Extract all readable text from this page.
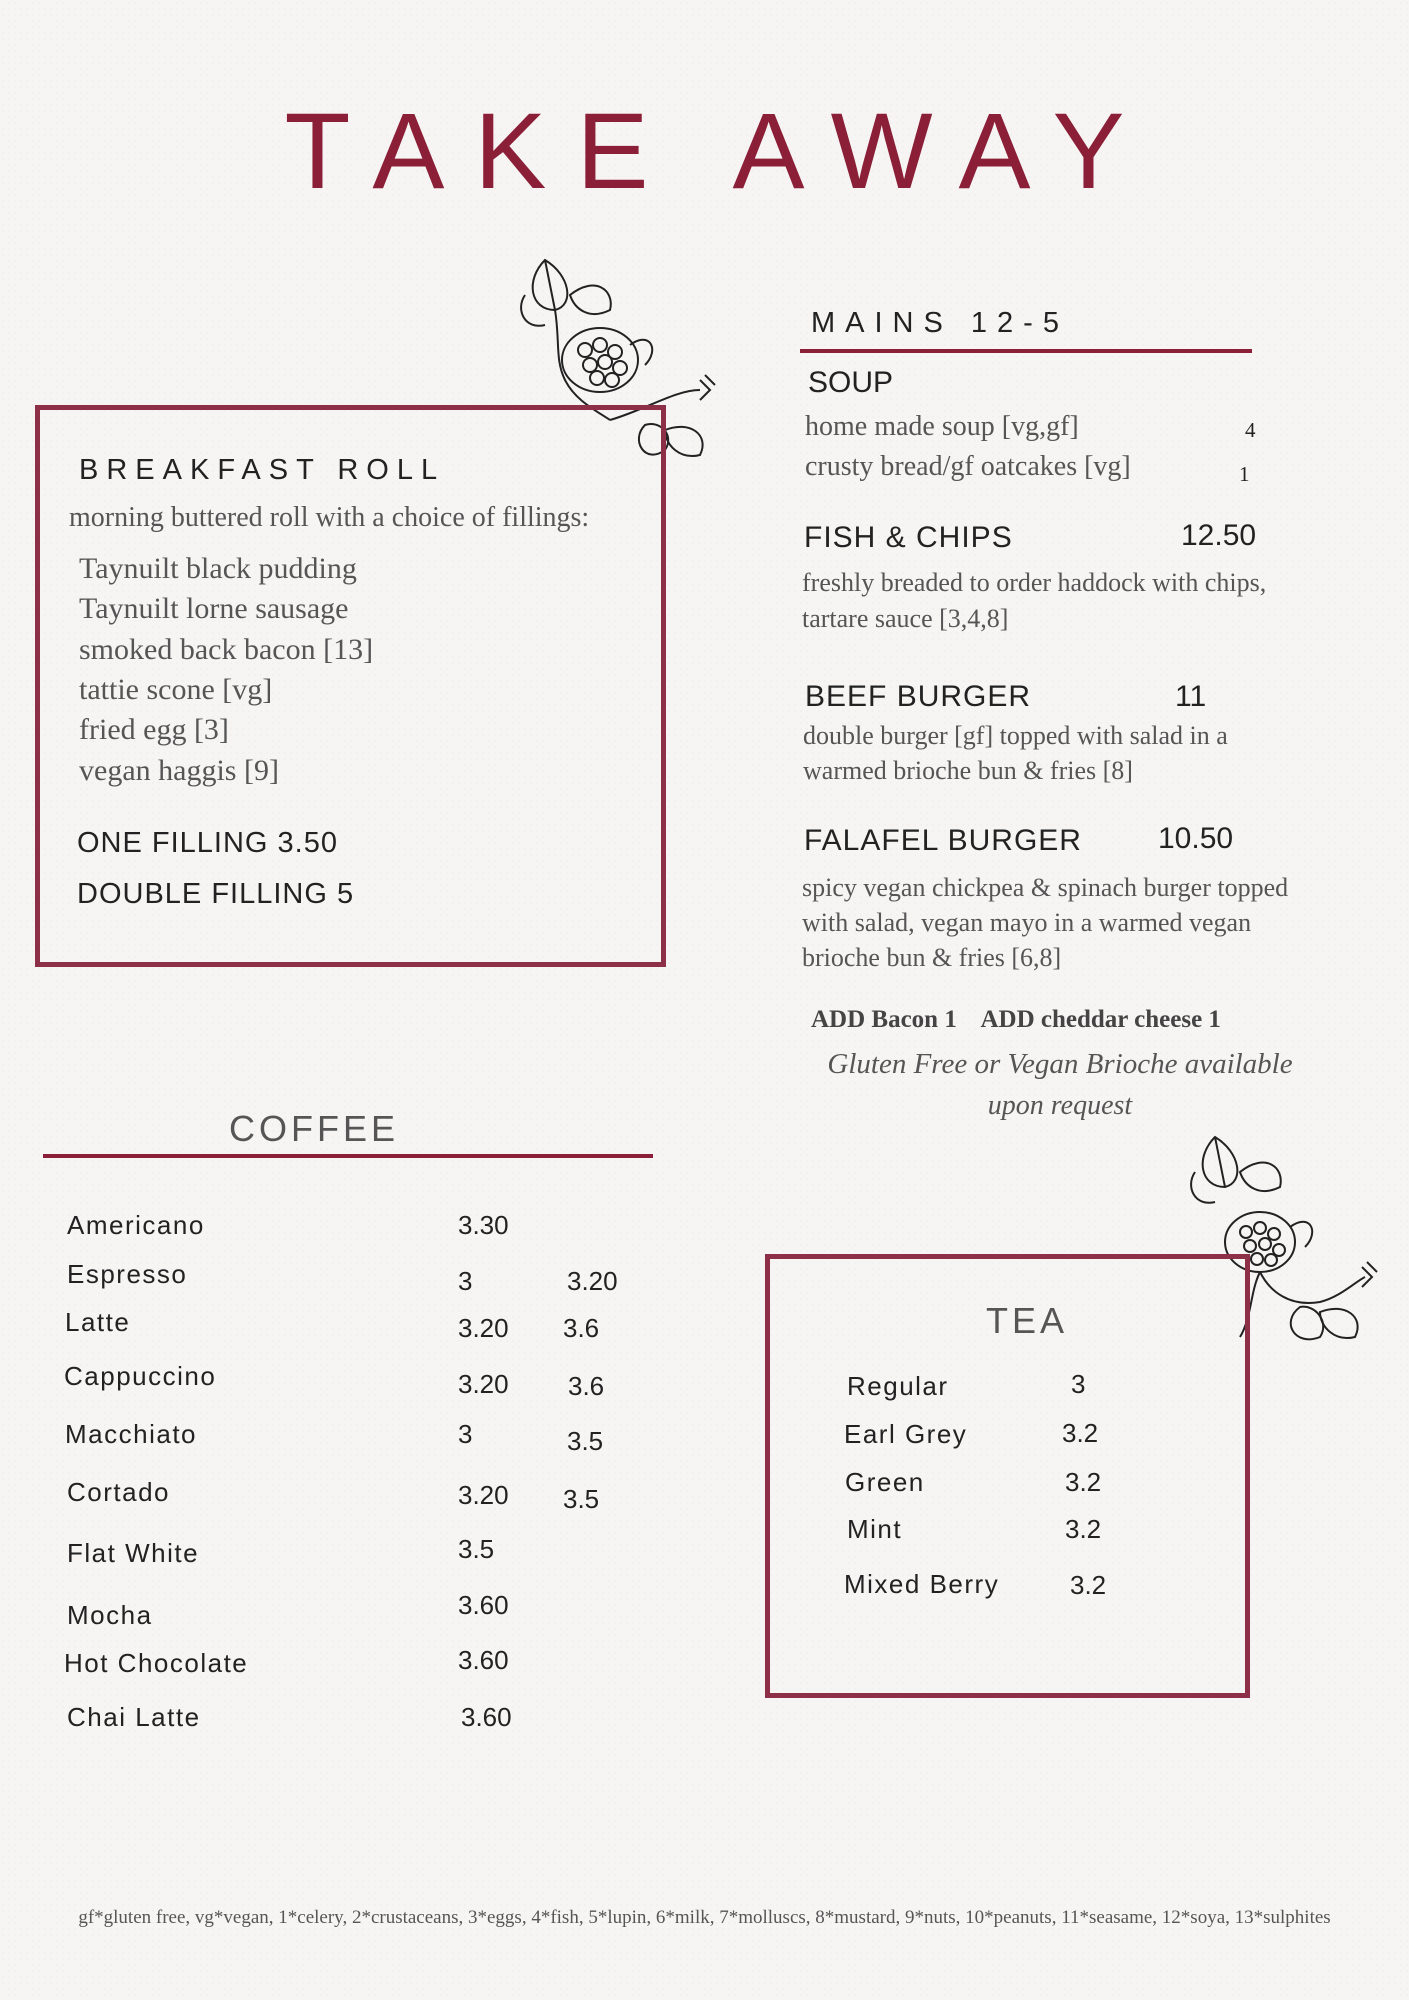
TAKE AWAY
BREAKFAST ROLL
morning buttered roll with a choice of fillings:
Taynuilt black pudding
Taynuilt lorne sausage
smoked back bacon [13]
tattie scone [vg]
fried egg [3]
vegan haggis [9]
ONE FILLING 3.50
DOUBLE FILLING 5
MAINS 12-5
SOUP
home made soup [vg,gf]	4
crusty bread/gf oatcakes [vg]	1
FISH & CHIPS	12.50
freshly breaded to order haddock with chips,
tartare sauce [3,4,8]
BEEF BURGER	11
double burger [gf] topped with salad in a
warmed brioche bun & fries [8]
FALAFEL BURGER	10.50
spicy vegan chickpea & spinach burger topped
with salad, vegan mayo in a warmed vegan
brioche bun & fries [6,8]
ADD Bacon 1    ADD cheddar cheese 1
Gluten Free or Vegan Brioche available
upon request
COFFEE
Americano	3.30
Espresso	3	3.20
Latte	3.20 3.6
Cappuccino	3.20 3.6
Macchiato	3	3.5
Cortado	3.20 3.5
Flat White	3.5
Mocha	3.60
Hot Chocolate	3.60
Chai Latte	3.60
TEA
Regular	3
Earl Grey	3.2
Green	3.2
Mint	3.2
Mixed Berry	3.2
gf*gluten free, vg*vegan, 1*celery, 2*crustaceans, 3*eggs, 4*fish, 5*lupin, 6*milk, 7*molluscs, 8*mustard, 9*nuts, 10*peanuts, 11*seasame, 12*soya, 13*sulphites
